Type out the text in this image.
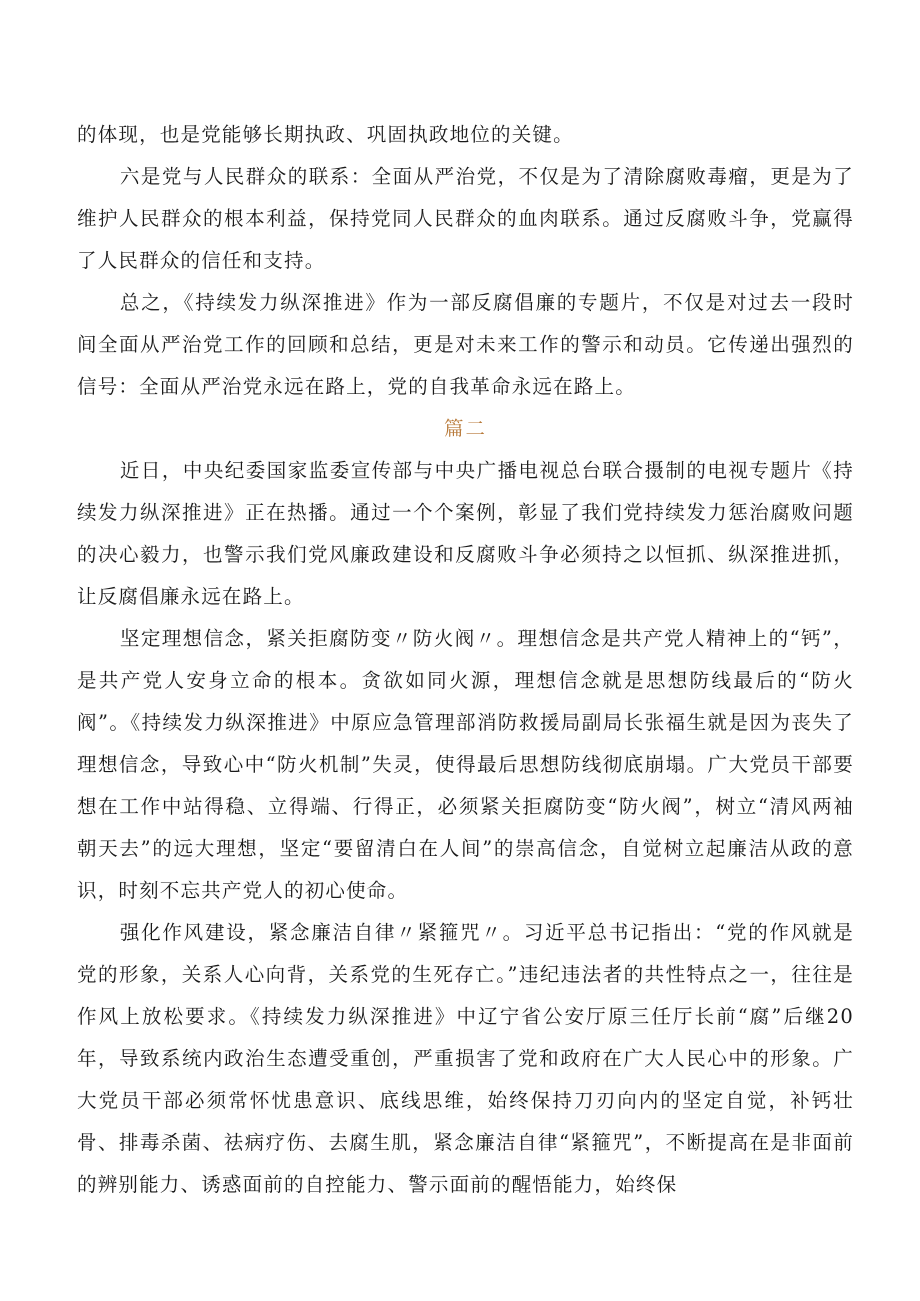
的体现，也是党能够长期执政、巩固执政地位的关键。

六是党与人民群众的联系：全面从严治党，不仅是为了清除腐败毒瘤，更是为了维护人民群众的根本利益，保持党同人民群众的血肉联系。通过反腐败斗争，党赢得了人民群众的信任和支持。

总之，《持续发力纵深推进》作为一部反腐倡廉的专题片，不仅是对过去一段时间全面从严治党工作的回顾和总结，更是对未来工作的警示和动员。它传递出强烈的信号：全面从严治党永远在路上，党的自我革命永远在路上。

篇二

近日，中央纪委国家监委宣传部与中央广播电视总台联合摄制的电视专题片《持续发力纵深推进》正在热播。通过一个个案例，彰显了我们党持续发力惩治腐败问题的决心毅力，也警示我们党风廉政建设和反腐败斗争必须持之以恒抓、纵深推进抓，让反腐倡廉永远在路上。

坚定理想信念，紧关拒腐防变〃防火阀〃。理想信念是共产党人精神上的“钙”，是共产党人安身立命的根本。贪欲如同火源，理想信念就是思想防线最后的“防火阀”。《持续发力纵深推进》中原应急管理部消防救援局副局长张福生就是因为丧失了理想信念，导致心中“防火机制”失灵，使得最后思想防线彻底崩塌。广大党员干部要想在工作中站得稳、立得端、行得正，必须紧关拒腐防变“防火阀”，树立“清风两袖朝天去”的远大理想，坚定“要留清白在人间”的崇高信念，自觉树立起廉洁从政的意识，时刻不忘共产党人的初心使命。

强化作风建设，紧念廉洁自律〃紧箍咒〃。习近平总书记指出：“党的作风就是党的形象，关系人心向背，关系党的生死存亡。”违纪违法者的共性特点之一，往往是作风上放松要求。《持续发力纵深推进》中辽宁省公安厅原三任厅长前“腐”后继20年，导致系统内政治生态遭受重创，严重损害了党和政府在广大人民心中的形象。广大党员干部必须常怀忧患意识、底线思维，始终保持刀刃向内的坚定自觉，补钙壮骨、排毒杀菌、祛病疗伤、去腐生肌，紧念廉洁自律“紧箍咒”，不断提高在是非面前的辨别能力、诱惑面前的自控能力、警示面前的醒悟能力，始终保
